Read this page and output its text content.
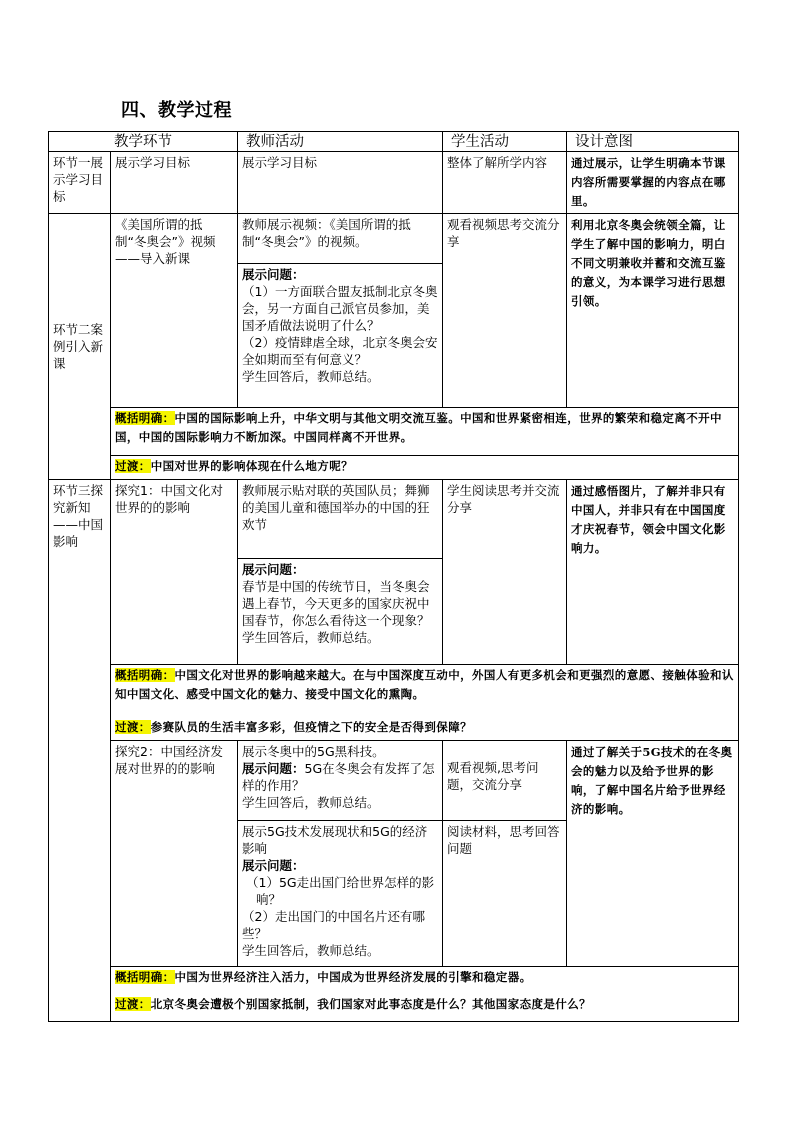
四、教学过程
教学环节		教师活动	学生活动	设计意图
环节一展示学习目标	展示学习目标	展示学习目标	整体了解所学内容	通过展示，让学生明确本节课内容所需要掌握的内容点在哪里。
环节二案例引入新课	《美国所谓的抵制“冬奥会”》视频——导入新课	教师展示视频：《美国所谓的抵制“冬奥会”》的视频。	观看视频思考交流分享	利用北京冬奥会统领全篇，让学生了解中国的影响力，明白不同文明兼收并蓄和交流互鉴的意义，为本课学习进行思想引领。

		展示问题：
（1）一方面联合盟友抵制北京冬奥会，另一方面自己派官员参加，美国矛盾做法说明了什么？
（2）疫情肆虐全球，北京冬奥会安全如期而至有何意义？
学生回答后，教师总结。		

	概括明确：中国的国际影响上升，中华文明与其他文明交流互鉴。中国和世界紧密相连，世界的繁荣和稳定离不开中国，中国的国际影响力不断加深。中国同样离不开世界。			
	过渡：中国对世界的影响体现在什么地方呢？			
环节三探究新知——中国影响	探究1：中国文化对世界的的影响	教师展示贴对联的英国队员；舞狮的美国儿童和德国举办的中国的狂欢节	学生阅读思考并交流分享	通过感悟图片，了解并非只有中国人，并非只有在中国国度才庆祝春节，领会中国文化影响力。

		展示问题：
春节是中国的传统节日，当冬奥会遇上春节，今天更多的国家庆祝中国春节，你怎么看待这一个现象？
学生回答后，教师总结。		

	概括明确：中国文化对世界的影响越来越大。在与中国深度互动中，外国人有更多机会和更强烈的意愿、接触体验和认知中国文化、感受中国文化的魅力、接受中国文化的熏陶。
过渡：参赛队员的生活丰富多彩，但疫情之下的安全是否得到保障？			
	探究2：中国经济发展对世界的的影响	展示冬奥中的5G黑科技。
展示问题：5G在冬奥会有发挥了怎样的作用？
学生回答后，教师总结。	观看视频,思考问题，交流分享	通过了解关于5G技术的在冬奥会的魅力以及给予世界的影响，了解中国名片给予世界经济的影响。

		展示5G技术发展现状和5G的经济影响
展示问题：
（1）5G走出国门给世界怎样的影响？
（2）走出国门的中国名片还有哪些？
学生回答后，教师总结。	阅读材料，思考回答问题	
	概括明确：中国为世界经济注入活力，中国成为世界经济发展的引擎和稳定器。
过渡：北京冬奥会遭极个别国家抵制，我们国家对此事态度是什么？其他国家态度是什么？			
